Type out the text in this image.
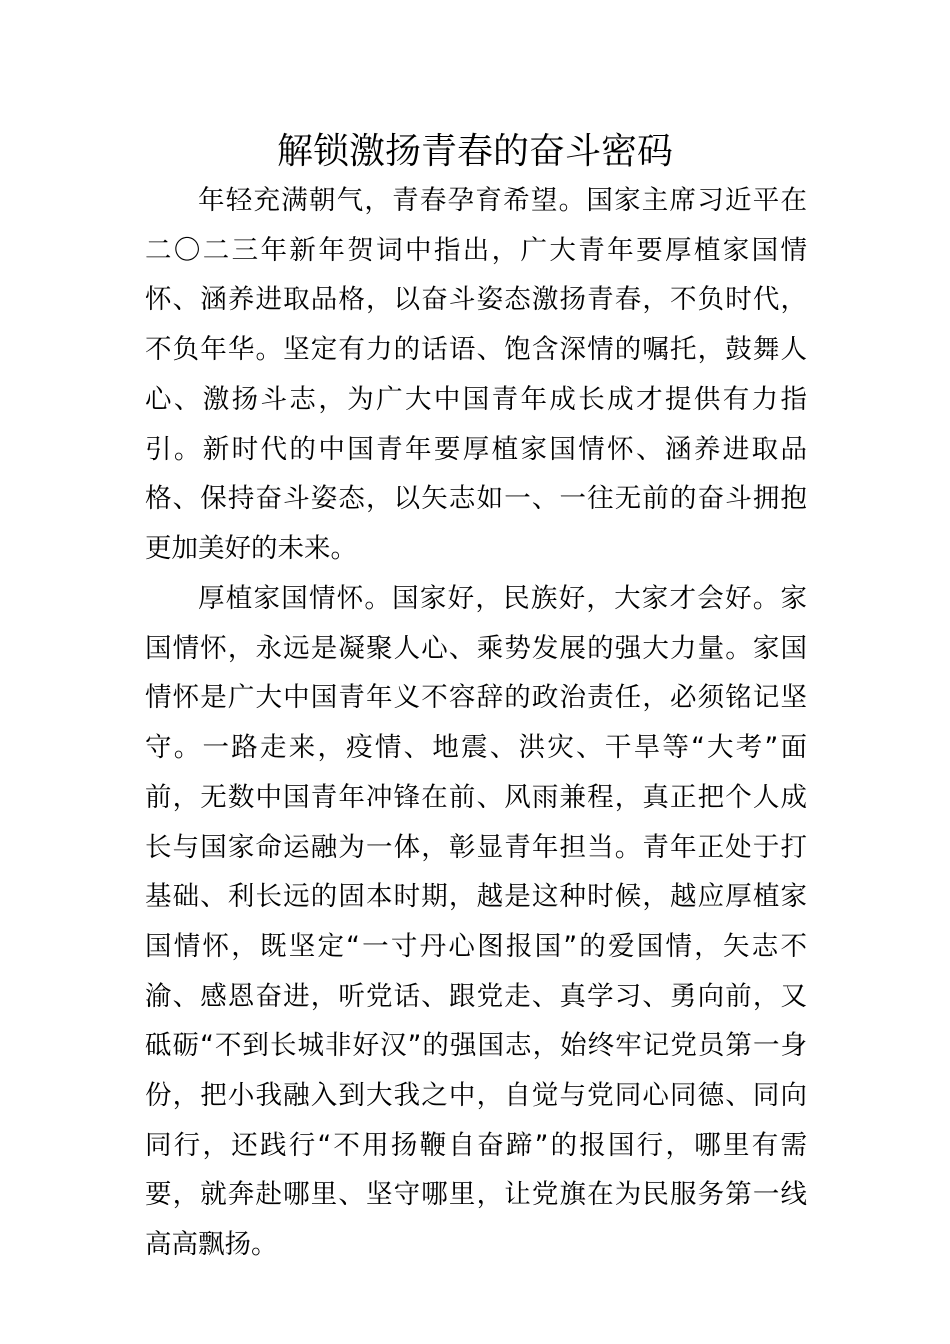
解锁激扬青春的奋斗密码

年轻充满朝气，青春孕育希望。国家主席习近平在二〇二三年新年贺词中指出，广大青年要厚植家国情怀、涵养进取品格，以奋斗姿态激扬青春，不负时代，不负年华。坚定有力的话语、饱含深情的嘱托，鼓舞人心、激扬斗志，为广大中国青年成长成才提供有力指引。新时代的中国青年要厚植家国情怀、涵养进取品格、保持奋斗姿态，以矢志如一、一往无前的奋斗拥抱更加美好的未来。

厚植家国情怀。国家好，民族好，大家才会好。家国情怀，永远是凝聚人心、乘势发展的强大力量。家国情怀是广大中国青年义不容辞的政治责任，必须铭记坚守。一路走来，疫情、地震、洪灾、干旱等“大考”面前，无数中国青年冲锋在前、风雨兼程，真正把个人成长与国家命运融为一体，彰显青年担当。青年正处于打基础、利长远的固本时期，越是这种时候，越应厚植家国情怀，既坚定“一寸丹心图报国”的爱国情，矢志不渝、感恩奋进，听党话、跟党走、真学习、勇向前，又砥砺“不到长城非好汉”的强国志，始终牢记党员第一身份，把小我融入到大我之中，自觉与党同心同德、同向同行，还践行“不用扬鞭自奋蹄”的报国行，哪里有需要，就奔赴哪里、坚守哪里，让党旗在为民服务第一线高高飘扬。
